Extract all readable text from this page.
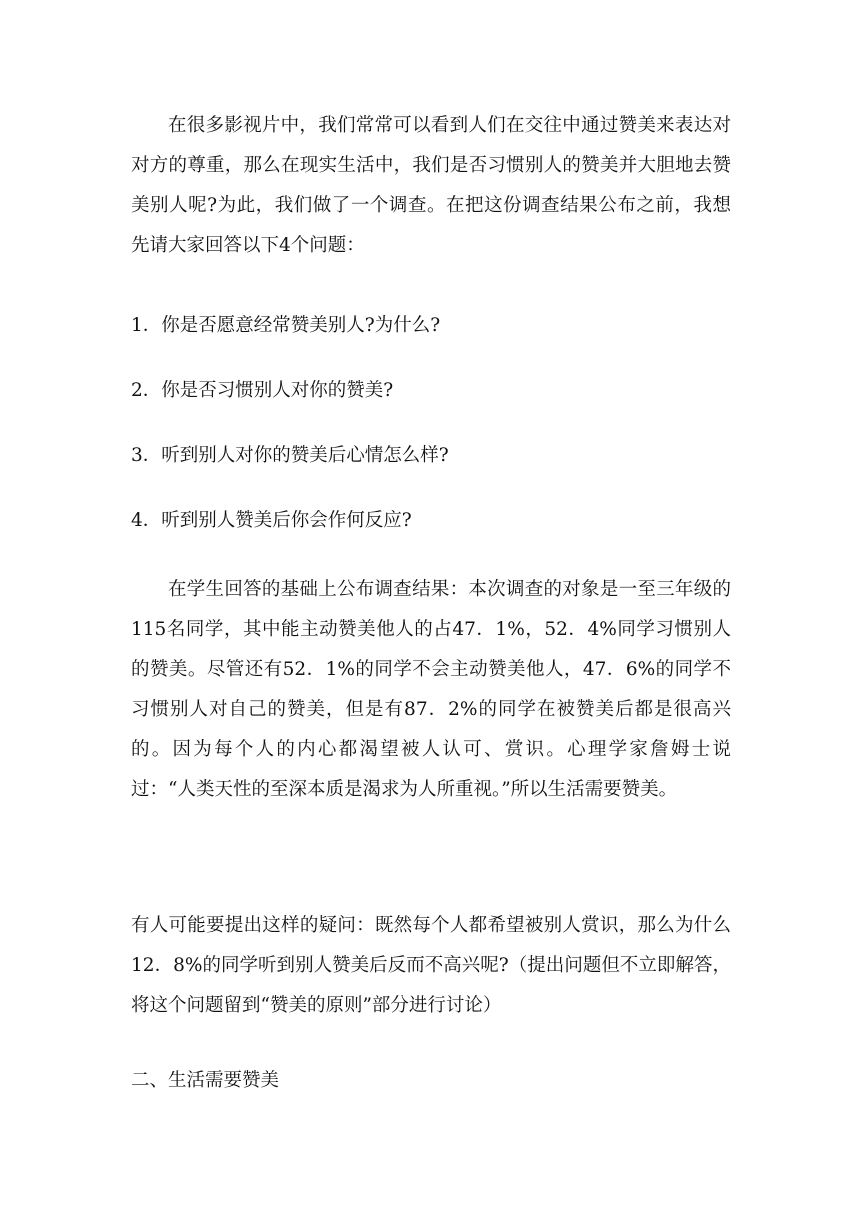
在很多影视片中，我们常常可以看到人们在交往中通过赞美来表达对对方的尊重，那么在现实生活中，我们是否习惯别人的赞美并大胆地去赞美别人呢?为此，我们做了一个调查。在把这份调查结果公布之前，我想先请大家回答以下4个问题：

1．你是否愿意经常赞美别人?为什么?

2．你是否习惯别人对你的赞美?

3．听到别人对你的赞美后心情怎么样?

4．听到别人赞美后你会作何反应?

在学生回答的基础上公布调查结果：本次调查的对象是一至三年级的115名同学，其中能主动赞美他人的占47．1%，52．4%同学习惯别人的赞美。尽管还有52．1%的同学不会主动赞美他人，47．6%的同学不习惯别人对自己的赞美，但是有87．2%的同学在被赞美后都是很高兴的。因为每个人的内心都渴望被人认可、赏识。心理学家詹姆士说过：“人类天性的至深本质是渴求为人所重视。”所以生活需要赞美。

有人可能要提出这样的疑问：既然每个人都希望被别人赏识，那么为什么12．8%的同学听到别人赞美后反而不高兴呢?（提出问题但不立即解答，将这个问题留到“赞美的原则”部分进行讨论）

二、生活需要赞美
